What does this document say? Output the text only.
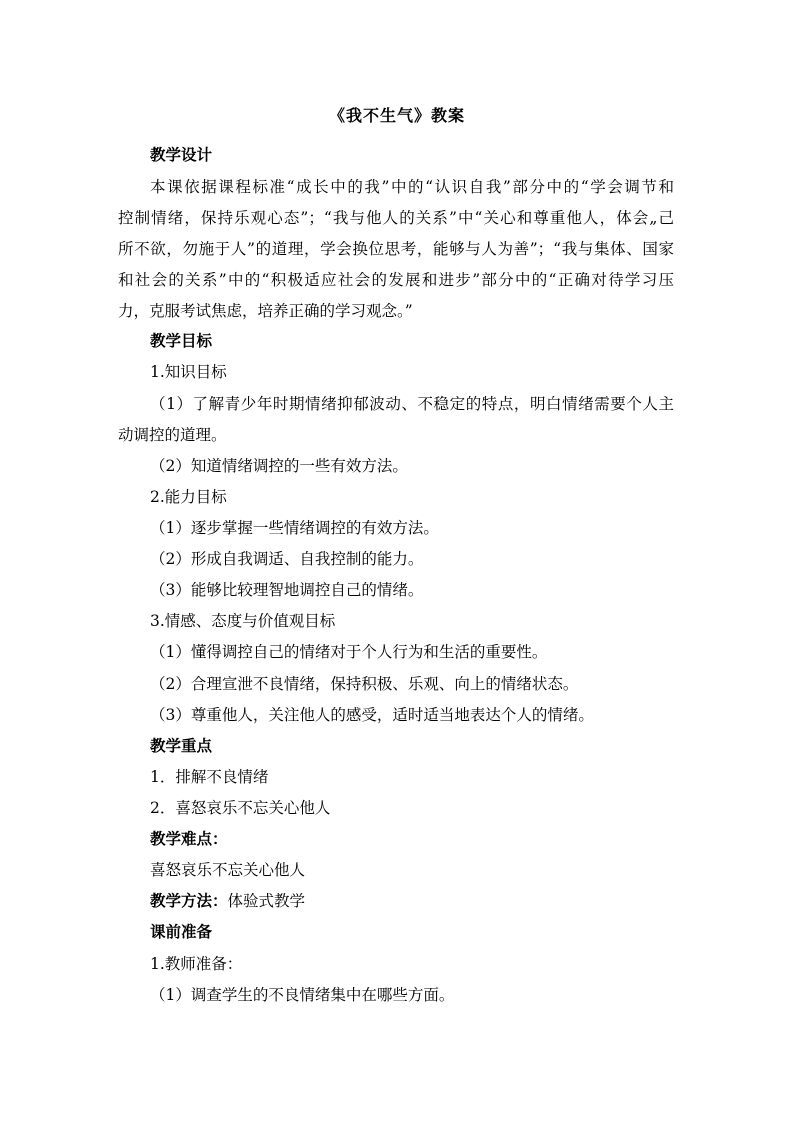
《我不生气》教案
教学设计
本课依据课程标准“成长中的我”中的“认识自我”部分中的“学会调节和
控制情绪，保持乐观心态”；“我与他人的关系”中“关心和尊重他人，体会„己
所不欲，勿施于人”的道理，学会换位思考，能够与人为善”；“我与集体、国家
和社会的关系”中的“积极适应社会的发展和进步”部分中的“正确对待学习压
力，克服考试焦虑，培养正确的学习观念。”
教学目标
1.知识目标
（1）了解青少年时期情绪抑郁波动、不稳定的特点，明白情绪需要个人主
动调控的道理。
（2）知道情绪调控的一些有效方法。
2.能力目标
（1）逐步掌握一些情绪调控的有效方法。
（2）形成自我调适、自我控制的能力。
（3）能够比较理智地调控自己的情绪。
3.情感、态度与价值观目标
（1）懂得调控自己的情绪对于个人行为和生活的重要性。
（2）合理宣泄不良情绪，保持积极、乐观、向上的情绪状态。
（3）尊重他人，关注他人的感受，适时适当地表达个人的情绪。
教学重点
1．排解不良情绪
2．喜怒哀乐不忘关心他人
教学难点：
喜怒哀乐不忘关心他人
教学方法：体验式教学
课前准备
1.教师准备：
（1）调查学生的不良情绪集中在哪些方面。
